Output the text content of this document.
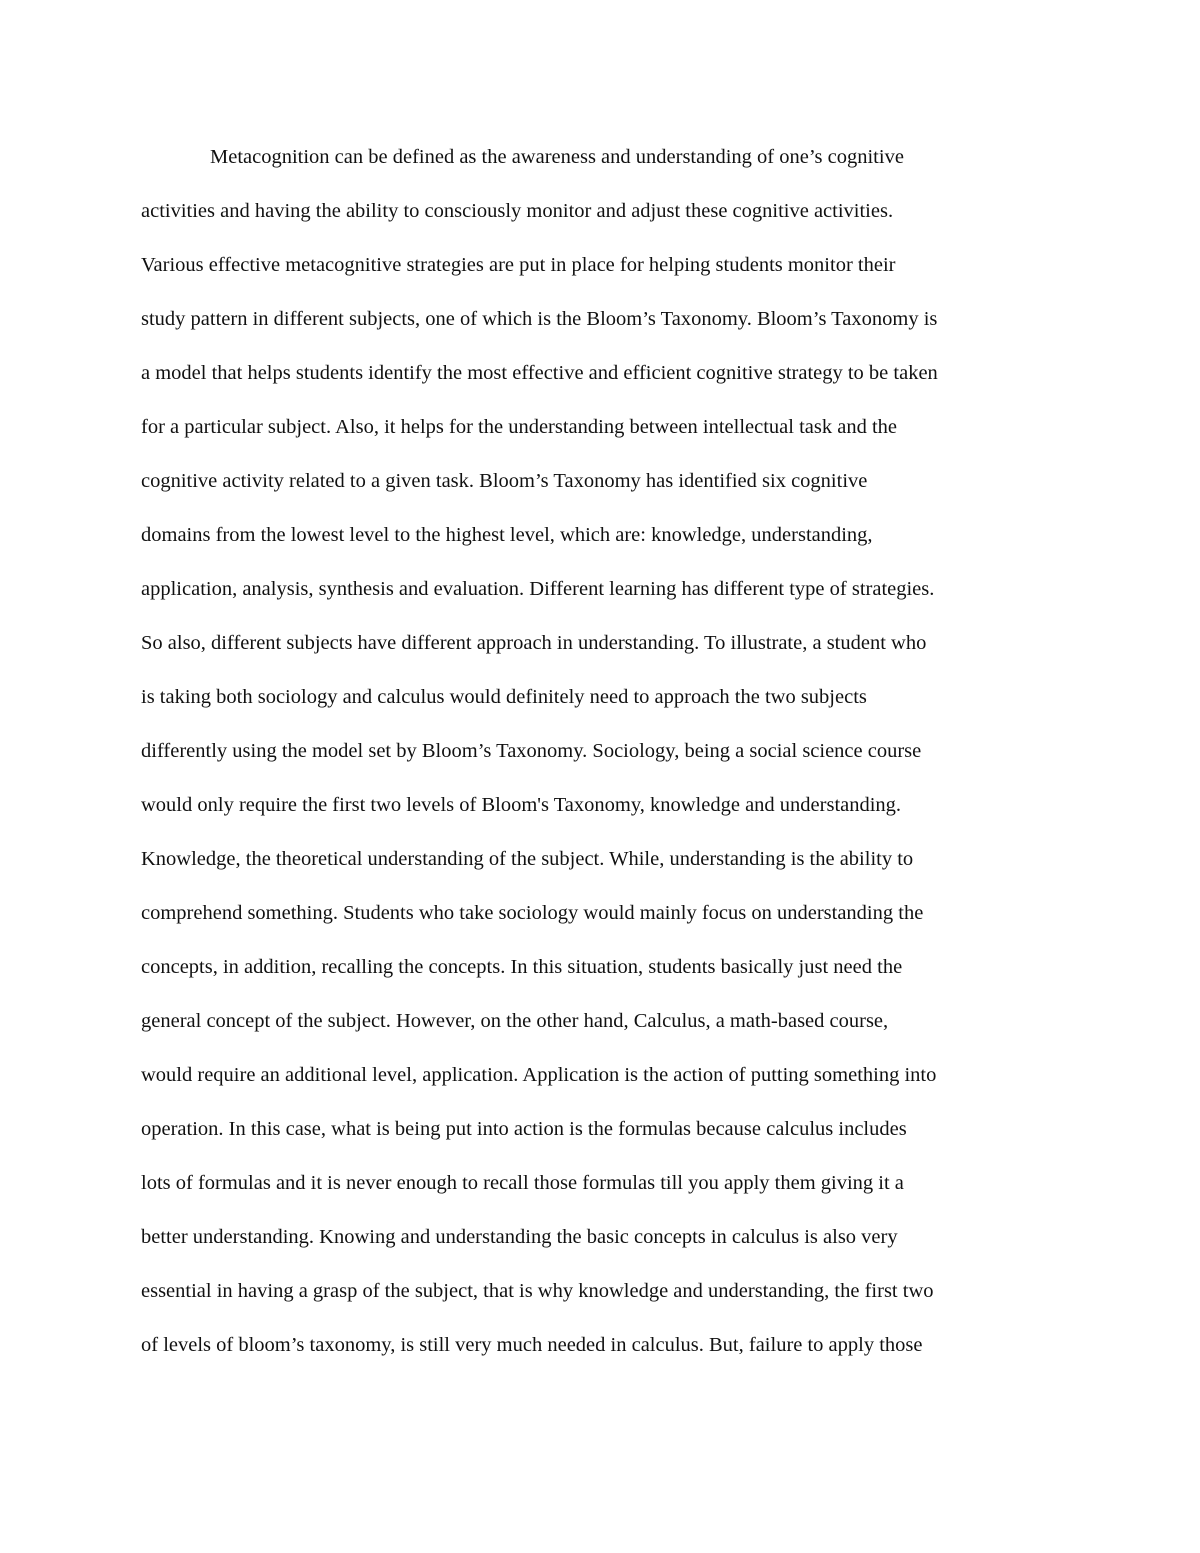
Metacognition can be defined as the awareness and understanding of one’s cognitive
activities and having the ability to consciously monitor and adjust these cognitive activities.
Various effective metacognitive strategies are put in place for helping students monitor their
study pattern in different subjects, one of which is the Bloom’s Taxonomy. Bloom’s Taxonomy is
a model that helps students identify the most effective and efficient cognitive strategy to be taken
for a particular subject. Also, it helps for the understanding between intellectual task and the
cognitive activity related to a given task. Bloom’s Taxonomy has identified six cognitive
domains from the lowest level to the highest level, which are: knowledge, understanding,
application, analysis, synthesis and evaluation. Different learning has different type of strategies.
So also, different subjects have different approach in understanding. To illustrate, a student who
is taking both sociology and calculus would definitely need to approach the two subjects
differently using the model set by Bloom’s Taxonomy. Sociology, being a social science course
would only require the first two levels of Bloom's Taxonomy, knowledge and understanding.
Knowledge, the theoretical understanding of the subject. While, understanding is the ability to
comprehend something. Students who take sociology would mainly focus on understanding the
concepts, in addition, recalling the concepts. In this situation, students basically just need the
general concept of the subject. However, on the other hand, Calculus, a math-based course,
would require an additional level, application. Application is the action of putting something into
operation. In this case, what is being put into action is the formulas because calculus includes
lots of formulas and it is never enough to recall those formulas till you apply them giving it a
better understanding. Knowing and understanding the basic concepts in calculus is also very
essential in having a grasp of the subject, that is why knowledge and understanding, the first two
of levels of bloom’s taxonomy, is still very much needed in calculus. But, failure to apply those
